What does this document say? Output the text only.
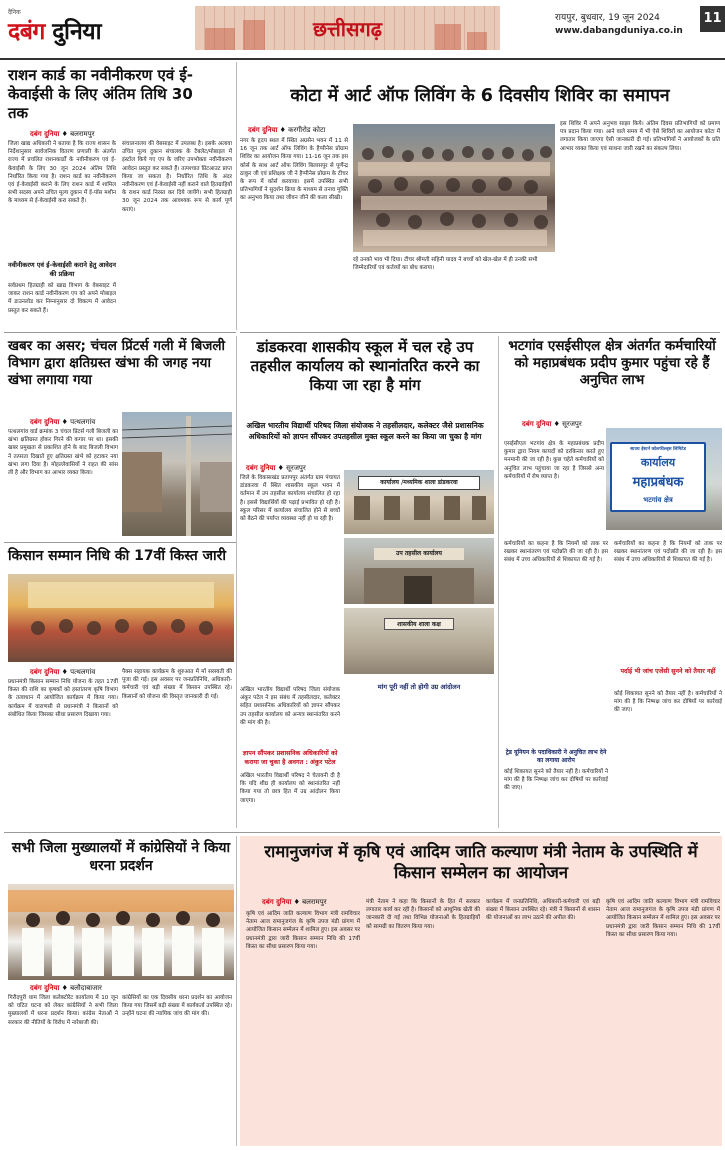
दैनिक
दबंग दुनिया	छत्तीसगढ़	रायपुर, बुधवार, 19 जून 2024
www.dabangduniya.co.in
11
राशन कार्ड का नवीनीकरण एवं ई-केवाईसी के लिए अंतिम तिथि 30 तक
दबंग दुनिया ♦ बलरामपुर
जिला खाद्य अधिकारी ने बताया है कि राज्य शासन के निर्देशानुसार सार्वजनिक वितरण प्रणाली के अंतर्गत राज्य में प्रचलित राशनकार्डों के नवीनीकरण एवं ई-केवाईसी के लिए 30 जून 2024 अंतिम तिथि निर्धारित किया गया है। राशन कार्ड का नवीनीकरण एवं ई-केवाईसी कराने के लिए राशन कार्ड में शामिल सभी सदस्य अपने उचित मूल्य दुकान में ई-पॉस मशीन के माध्यम से ई-केवाईसी करा सकते हैं।
नवीनीकरण एवं ई-केवाईसी कराने हेतु आवेदन की प्रक्रिया
सर्वप्रथम हितग्राही को खाद्य विभाग के वेबसाइट में जाकर राशन कार्ड नवीनीकरण एप को अपने मोबाइल में डाउनलोड कर निम्नानुसार दो विकल्प में आवेदन प्रस्तुत कर सकते हैं।
संचालनालय की वेबसाइट में उपलब्ध है। इसके अलावा उचित मूल्य दुकान संचालक के टैबलेट/मोबाइल में इंस्टॉल किये गए एप के जरिए उपभोक्ता नवीनीकरण आवेदन प्रस्तुत कर सकते हैं। तत्पश्चात प्रिंटआउट प्राप्त किया जा सकता है। निर्धारित तिथि के अंदर नवीनीकरण एवं ई-केवाईसी नहीं कराने वाले हितग्राहियों के राशन कार्ड निरस्त कर दिये जायेंगे। सभी हितग्राही 30 जून 2024 तक आवश्यक रूप से कार्य पूर्ण कराएं।
कोटा में आर्ट ऑफ लिविंग के 6 दिवसीय शिविर का समापन
दबंग दुनिया ♦ करगीरोड कोटा
नगर के हृदय स्थल में स्थित अग्रसेन भवन में 11 से 16 जून तक आर्ट ऑफ लिविंग के हैप्पीनेस प्रोग्राम शिविर का आयोजन किया गया। 11-16 जून तक इस कोर्स के साथ आर्ट ऑफ लिविंग बिलासपुर से पूर्णेन्द्र ठाकुर जी एवं प्रशिक्षक जी ने हैप्पीनेस प्रोग्राम के टीचर के रूप में कोर्स करवाया। इसमें उपस्थित सभी प्रतिभागियों ने सुदर्शन क्रिया के माध्यम से तनाव मुक्ति का अनुभव किया तथा जीवन जीने की कला सीखी।
रहे उनको भाव भी दिया। टीचर श्रीमती सहिनी यादव ने बच्चों को खेल-खेल में ही उनकी सभी जिम्मेदारियों एवं कर्तव्यों का बोध कराया।
इस शिविर में अपने अनुभव साझा किये। अंतिम दिवस प्रतिभागियों को प्रमाण पत्र प्रदान किया गया। आने वाले समय में भी ऐसे शिविरों का आयोजन कोटा में लगातार किया जाएगा ऐसी जानकारी दी गई। प्रतिभागियों ने आयोजकों के प्रति आभार व्यक्त किया एवं साधना जारी रखने का संकल्प लिया।
खबर का असर; चंचल प्रिंटर्स गली में बिजली विभाग द्वारा क्षतिग्रस्त खंभा की जगह नया खंभा लगाया गया
दबंग दुनिया ♦ पत्थलगांव
पत्थलगांव वार्ड क्रमांक 3 चंचल प्रिंटर्स गली बिजली का खंभा क्षतिग्रस्त होकर गिरने की कगार पर था। इसकी खबर प्रमुखता से प्रकाशित होने के बाद बिजली विभाग ने तत्परता दिखाते हुए क्षतिग्रस्त खंभे को हटाकर नया खंभा लगा दिया है। मोहल्लेवासियों ने राहत की सांस ली है और विभाग का आभार व्यक्त किया।
डांडकरवा शासकीय स्कूल में चल रहे उप तहसील कार्यालय को स्थानांतरित करने का किया जा रहा है मांग
अखिल भारतीय विद्यार्थी परिषद जिला संयोजक ने तहसीलदार, कलेक्टर जैसे प्रशासनिक अधिकारियों को ज्ञापन सौंपकर उपतहसील मुक्त स्कूल करने का किया जा चुका है मांग
दबंग दुनिया ♦ सूरजपुर
जिले के विकासखंड प्रतापपुर अंतर्गत ग्राम पंचायत डांडकरवा में स्थित शासकीय स्कूल भवन में वर्तमान में उप तहसील कार्यालय संचालित हो रहा है। इससे विद्यार्थियों की पढ़ाई प्रभावित हो रही है। स्कूल परिसर में कार्यालय संचालित होने से बच्चों को बैठने की पर्याप्त व्यवस्था नहीं हो पा रही है।
कार्यालय /मध्यमिक शाला डांडकरवा
उप तहसील कार्यालय
शासकीय शाला कक्ष
अखिल भारतीय विद्यार्थी परिषद जिला संयोजक अंकुर पटेल ने इस संबंध में तहसीलदार, कलेक्टर सहित प्रशासनिक अधिकारियों को ज्ञापन सौंपकर उप तहसील कार्यालय को अन्यत्र स्थानांतरित करने की मांग की है।
ज्ञापन सौंपकर प्रशासनिक अधिकारियों को कराया जा चुका है अवगत : अंकुर पटेल
अखिल भारतीय विद्यार्थी परिषद ने चेतावनी दी है कि यदि शीघ्र ही कार्यालय को स्थानांतरित नहीं किया गया तो छात्र हित में उग्र आंदोलन किया जाएगा।
मांग पूरी नहीं तो होगी उग्र आंदोलन
भटगांव एसईसीएल क्षेत्र अंतर्गत कर्मचारियों को महाप्रबंधक प्रदीप कुमार पहुंचा रहे हैं अनुचित लाभ
दबंग दुनिया ♦ सूरजपुर
एसईसीएल भटगांव क्षेत्र के महाप्रबंधक प्रदीप कुमार द्वारा नियम कायदों को दरकिनार करते हुए मनमानी की जा रही है। कुछ चहेते कर्मचारियों को अनुचित लाभ पहुंचाया जा रहा है जिससे अन्य कर्मचारियों में रोष व्याप्त है।
साउथ ईस्टर्न कोलफील्ड्स लिमिटेड
कार्यालय
महाप्रबंधक
भटगांव क्षेत्र
कर्मचारियों का कहना है कि नियमों को ताक पर रखकर स्थानांतरण एवं पदोन्नति की जा रही है। इस संबंध में उच्च अधिकारियों से शिकायत की गई है।
ट्रेड यूनियन के पदाधिकारी ने अनुचित लाभ देने का लगाया आरोप
कोई शिकायत सुनने को तैयार नहीं है। कर्मचारियों ने मांग की है कि निष्पक्ष जांच कर दोषियों पर कार्रवाई की जाए।
कर्मचारियों का कहना है कि नियमों को ताक पर रखकर स्थानांतरण एवं पदोन्नति की जा रही है। इस संबंध में उच्च अधिकारियों से शिकायत की गई है।
पर्दाई भी जांच एजेंसी सुनने को तैयार नहीं
कोई शिकायत सुनने को तैयार नहीं है। कर्मचारियों ने मांग की है कि निष्पक्ष जांच कर दोषियों पर कार्रवाई की जाए।
किसान सम्मान निधि की 17वीं किस्त जारी
दबंग दुनिया ♦ पत्थलगांव
प्रधानमंत्री किसान सम्मान निधि योजना के तहत 17वीं किस्त की राशि का कृषकों को हस्तांतरण कृषि विभाग के तत्वाधान में आयोजित कार्यक्रम में किया गया। कार्यक्रम में वाराणसी से प्रधानमंत्री ने किसानों को संबोधित किया जिसका सीधा प्रसारण दिखाया गया।
पैक्स सहायक कार्यक्रम के शुरुआत में माँ सरस्वती की पूजा की गई। इस अवसर पर जनप्रतिनिधि, अधिकारी-कर्मचारी एवं बड़ी संख्या में किसान उपस्थित रहे। किसानों को योजना की विस्तृत जानकारी दी गई।
सभी जिला मुख्यालयों में कांग्रेसियों ने किया धरना प्रदर्शन
दबंग दुनिया ♦ बलौदाबाजार
गिरौदपुरी धाम जिला कलेक्टोरेट कार्यालय में 10 जून को घटित घटना को लेकर कांग्रेसियों ने सभी जिला मुख्यालयों में धरना प्रदर्शन किया। कांग्रेस नेताओं ने सरकार की नीतियों के विरोध में नारेबाजी की।
कांग्रेसियों का एक दिवसीय धरना प्रदर्शन का आयोजन किया गया जिसमें बड़ी संख्या में कार्यकर्ता उपस्थित रहे। उन्होंने घटना की न्यायिक जांच की मांग की।
रामानुजगंज में कृषि एवं आदिम जाति कल्याण मंत्री नेताम के उपस्थिति में किसान सम्मेलन का आयोजन
दबंग दुनिया ♦ बलरामपुर
कृषि एवं आदिम जाति कल्याण विभाग मंत्री रामविचार नेताम आज रामानुजगंज के कृषि उपज मंडी प्रांगण में आयोजित किसान सम्मेलन में शामिल हुए। इस अवसर पर प्रधानमंत्री द्वारा जारी किसान सम्मान निधि की 17वीं किस्त का सीधा प्रसारण किया गया।
मंत्री नेताम ने कहा कि किसानों के हित में सरकार लगातार कार्य कर रही है। किसानों को आधुनिक खेती की जानकारी दी गई तथा विभिन्न योजनाओं के हितग्राहियों को सामग्री का वितरण किया गया।
कार्यक्रम में जनप्रतिनिधि, अधिकारी-कर्मचारी एवं बड़ी संख्या में किसान उपस्थित रहे। मंत्री ने किसानों से शासन की योजनाओं का लाभ उठाने की अपील की।
कृषि एवं आदिम जाति कल्याण विभाग मंत्री रामविचार नेताम आज रामानुजगंज के कृषि उपज मंडी प्रांगण में आयोजित किसान सम्मेलन में शामिल हुए। इस अवसर पर प्रधानमंत्री द्वारा जारी किसान सम्मान निधि की 17वीं किस्त का सीधा प्रसारण किया गया।
